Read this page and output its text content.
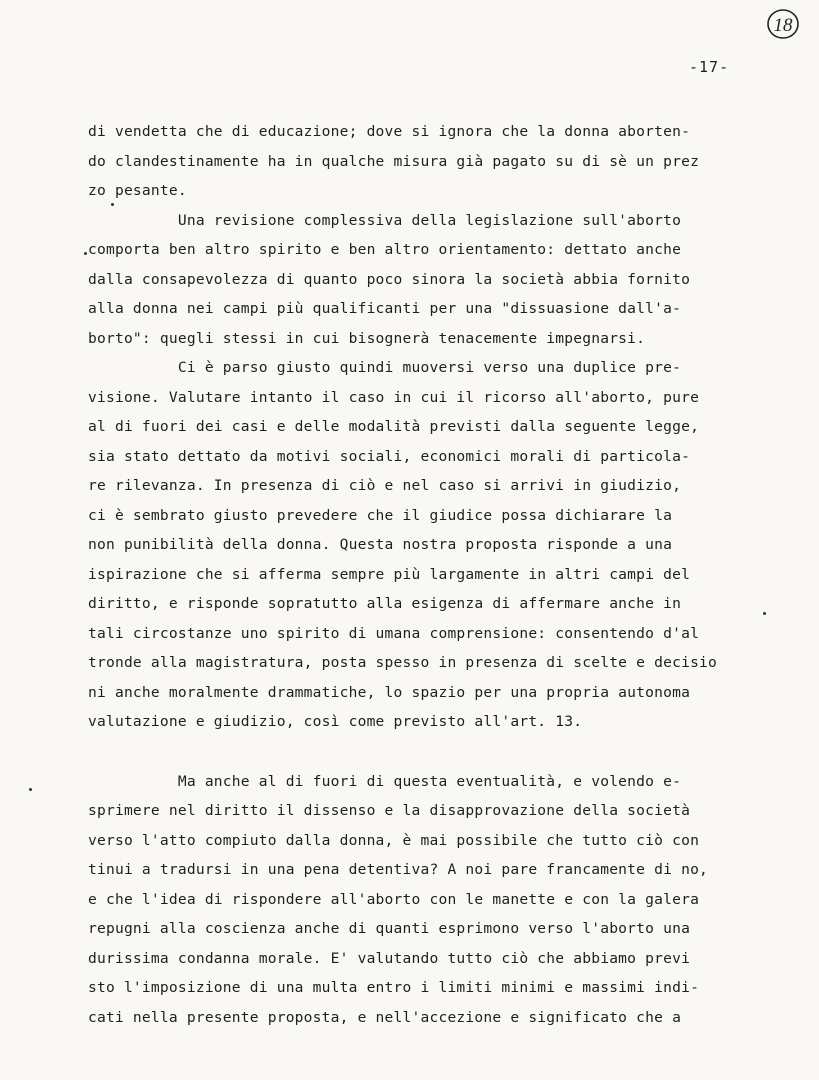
18
-17-
di vendetta che di educazione; dove si ignora che la donna aborten-
do clandestinamente ha in qualche misura già pagato su di sè un prez
zo pesante.
Una revisione complessiva della legislazione sull'aborto
comporta ben altro spirito e ben altro orientamento: dettato anche
dalla consapevolezza di quanto poco sinora la società abbia fornito
alla donna nei campi più qualificanti per una "dissuasione dall'a-
borto": quegli stessi in cui bisognerà tenacemente impegnarsi.
Ci è parso giusto quindi muoversi verso una duplice pre-
visione. Valutare intanto il caso in cui il ricorso all'aborto, pure
al di fuori dei casi e delle modalità previsti dalla seguente legge,
sia stato dettato da motivi sociali, economici morali di particola-
re rilevanza. In presenza di ciò e nel caso si arrivi in giudizio,
ci è sembrato giusto prevedere che il giudice possa dichiarare la
non punibilità della donna. Questa nostra proposta risponde a una
ispirazione che si afferma sempre più largamente in altri campi del
diritto, e risponde sopratutto alla esigenza di affermare anche in
tali circostanze uno spirito di umana comprensione: consentendo d'al
tronde alla magistratura, posta spesso in presenza di scelte e decisio
ni anche moralmente drammatiche, lo spazio per una propria autonoma
valutazione e giudizio, così come previsto all'art. 13.
Ma anche al di fuori di questa eventualità, e volendo e-
sprimere nel diritto il dissenso e la disapprovazione della società
verso l'atto compiuto dalla donna, è mai possibile che tutto ciò con
tinui a tradursi in una pena detentiva? A noi pare francamente di no,
e che l'idea di rispondere all'aborto con le manette e con la galera
repugni alla coscienza anche di quanti esprimono verso l'aborto una
durissima condanna morale. E' valutando tutto ciò che abbiamo previ
sto l'imposizione di una multa entro i limiti minimi e massimi indi-
cati nella presente proposta, e nell'accezione e significato che a
